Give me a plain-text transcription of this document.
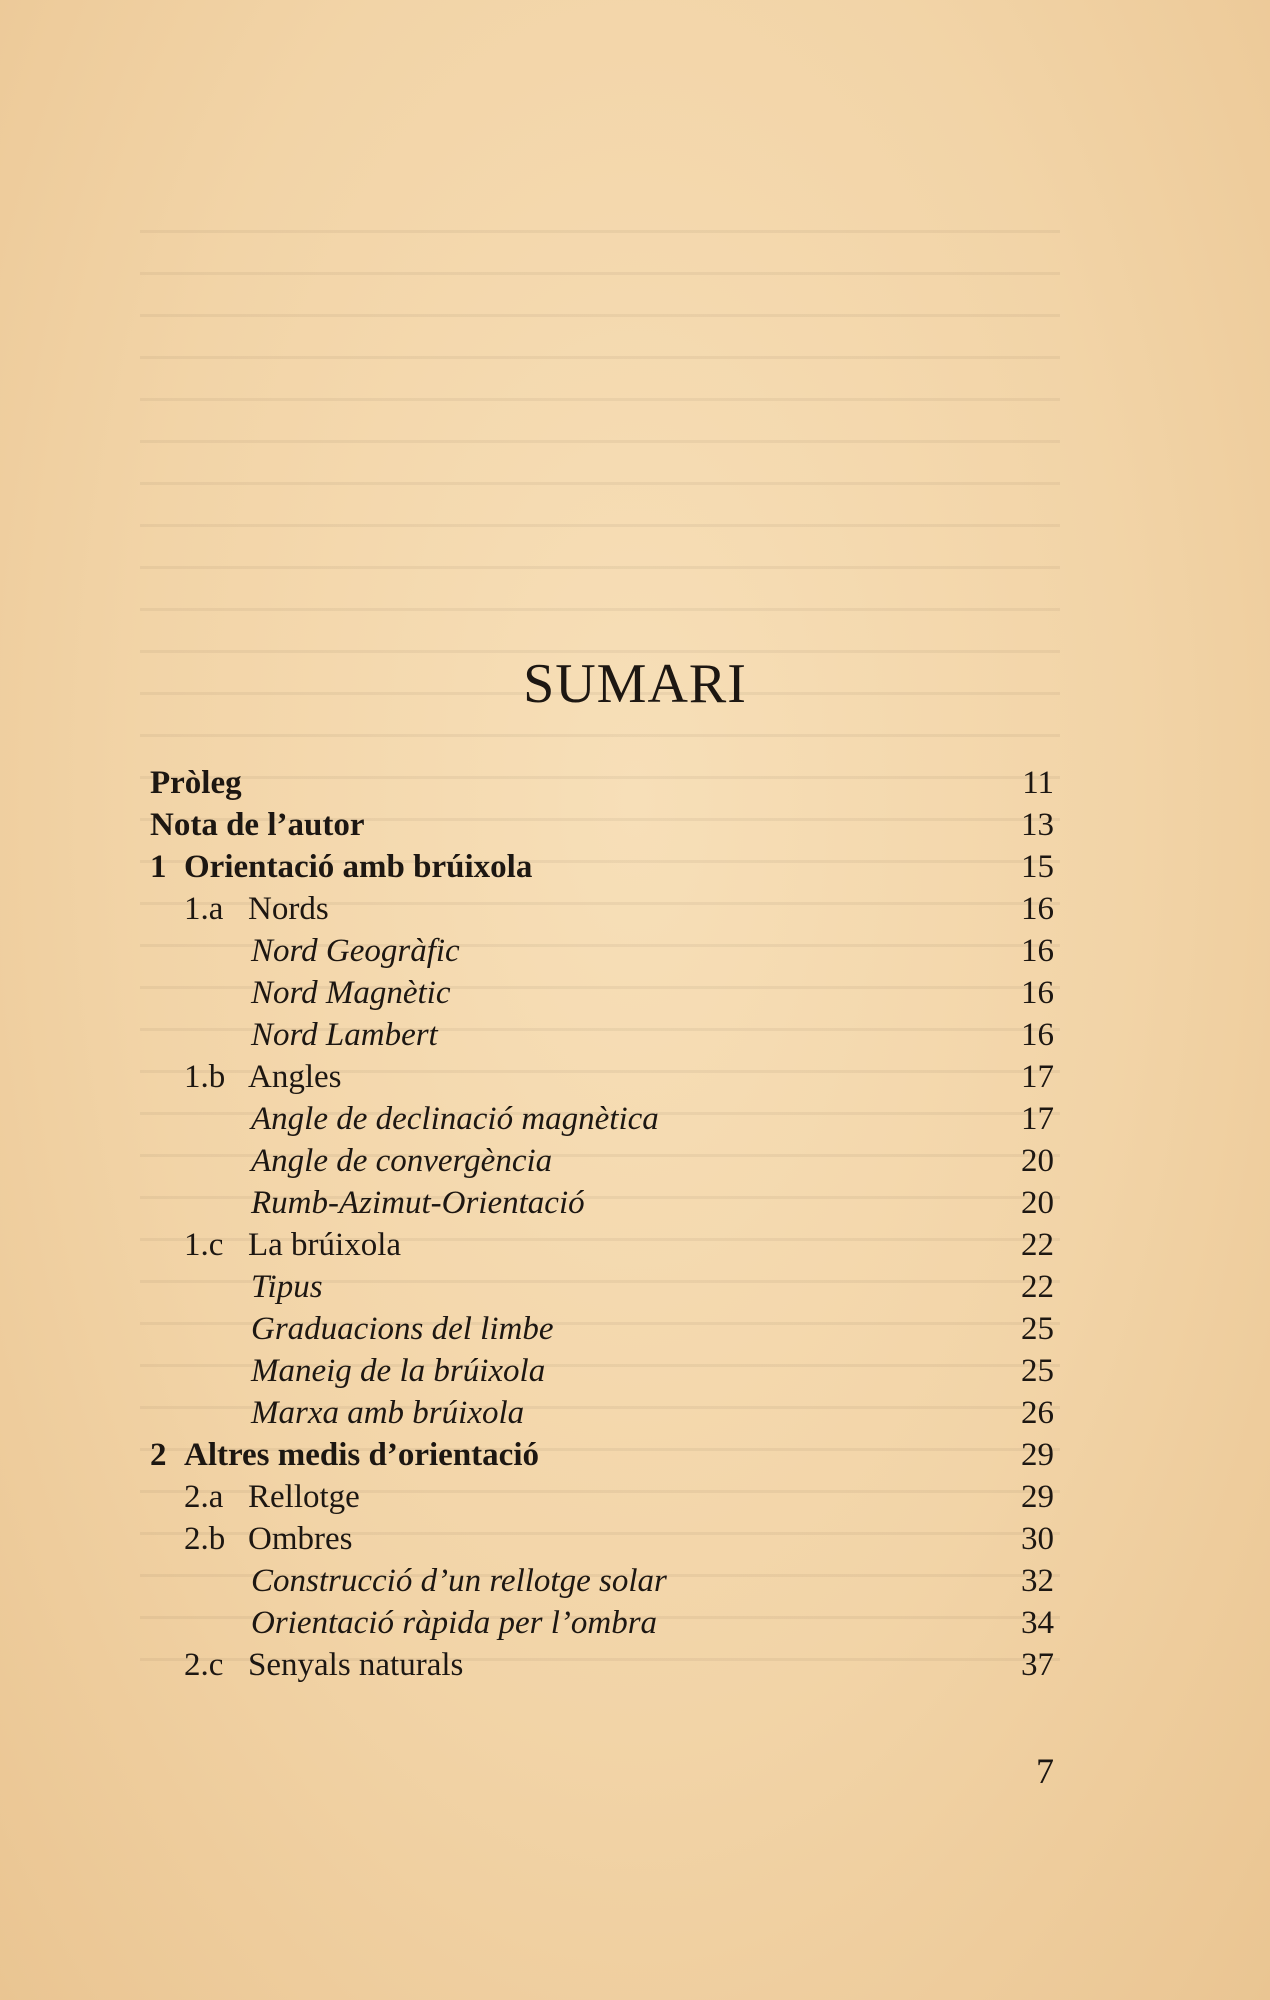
SUMARI
Pròleg	11
Nota de l’autor	13
1 Orientació amb brúixola	15
1.a Nords	16
Nord Geogràfic	16
Nord Magnètic	16
Nord Lambert	16
1.b Angles	17
Angle de declinació magnètica	17
Angle de convergència	20
Rumb-Azimut-Orientació	20
1.c La brúixola	22
Tipus	22
Graduacions del limbe	25
Maneig de la brúixola	25
Marxa amb brúixola	26
2 Altres medis d’orientació	29
2.a Rellotge	29
2.b Ombres	30
Construcció d’un rellotge solar	32
Orientació ràpida per l’ombra	34
2.c Senyals naturals	37
7
